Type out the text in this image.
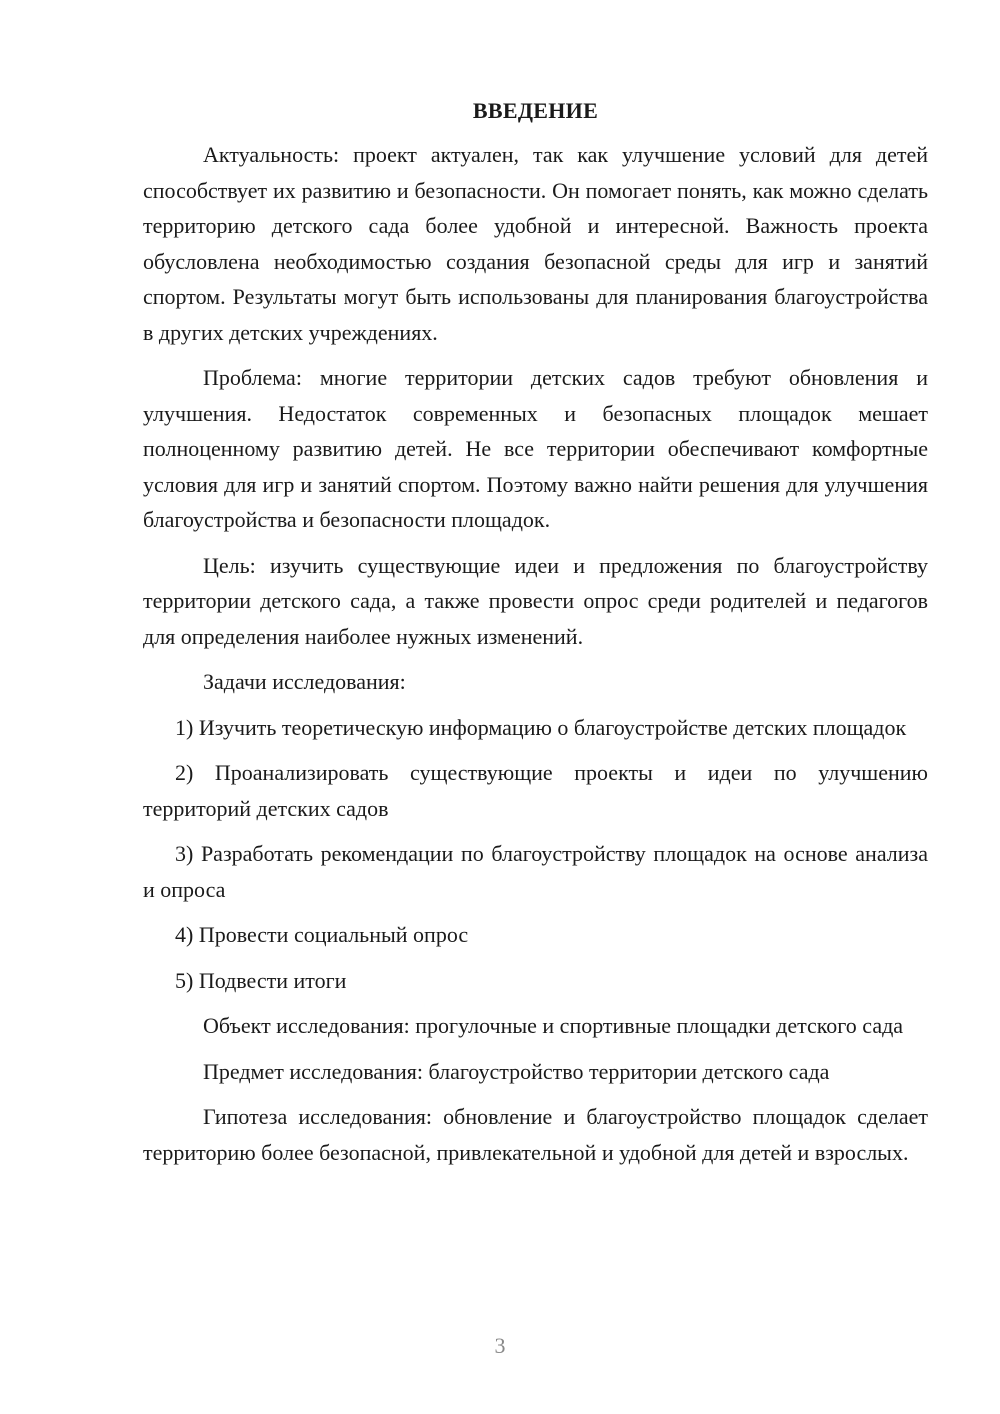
ВВЕДЕНИЕ

Актуальность: проект актуален, так как улучшение условий для детей способствует их развитию и безопасности. Он помогает понять, как можно сделать территорию детского сада более удобной и интересной. Важность проекта обусловлена необходимостью создания безопасной среды для игр и занятий спортом. Результаты могут быть использованы для планирования благоустройства в других детских учреждениях.

Проблема: многие территории детских садов требуют обновления и улучшения. Недостаток современных и безопасных площадок мешает полноценному развитию детей. Не все территории обеспечивают комфортные условия для игр и занятий спортом. Поэтому важно найти решения для улучшения благоустройства и безопасности площадок.

Цель: изучить существующие идеи и предложения по благоустройству территории детского сада, а также провести опрос среди родителей и педагогов для определения наиболее нужных изменений.

Задачи исследования:

1) Изучить теоретическую информацию о благоустройстве детских площадок

2) Проанализировать существующие проекты и идеи по улучшению территорий детских садов

3) Разработать рекомендации по благоустройству площадок на основе анализа и опроса

4) Провести социальный опрос

5) Подвести итоги

Объект исследования: прогулочные и спортивные площадки детского сада

Предмет исследования: благоустройство территории детского сада

Гипотеза исследования: обновление и благоустройство площадок сделает территорию более безопасной, привлекательной и удобной для детей и взрослых.

3
